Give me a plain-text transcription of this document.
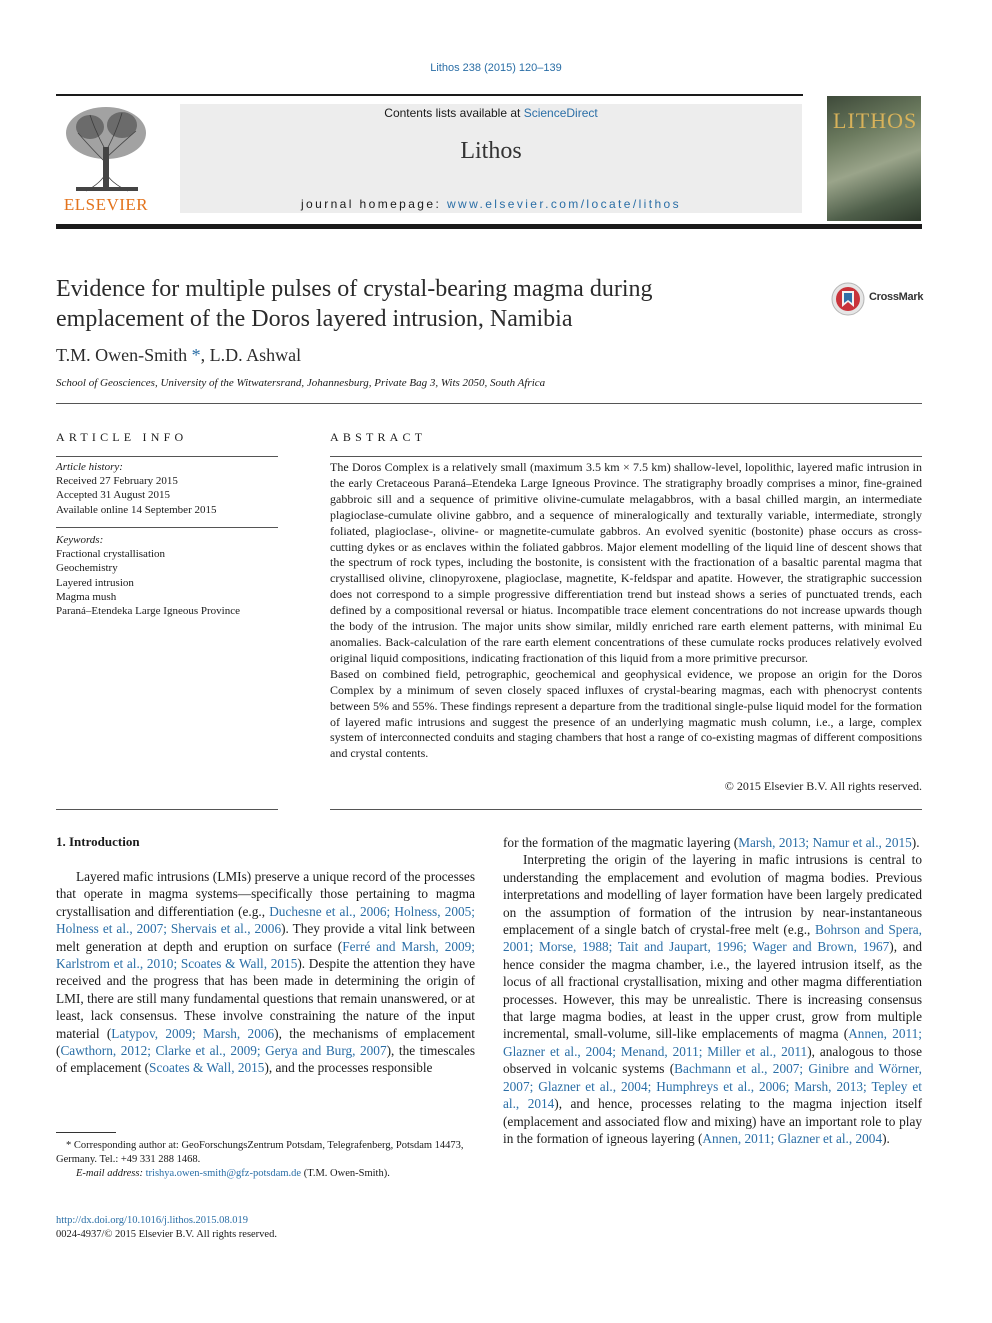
Lithos 238 (2015) 120–139
ELSEVIER
Contents lists available at ScienceDirect
Lithos
journal homepage: www.elsevier.com/locate/lithos
LITHOS
Evidence for multiple pulses of crystal-bearing magma during emplacement of the Doros layered intrusion, Namibia
CrossMark
T.M. Owen-Smith *, L.D. Ashwal
School of Geosciences, University of the Witwatersrand, Johannesburg, Private Bag 3, Wits 2050, South Africa
ARTICLE INFO
Article history:
Received 27 February 2015
Accepted 31 August 2015
Available online 14 September 2015
Keywords:
Fractional crystallisation
Geochemistry
Layered intrusion
Magma mush
Paraná–Etendeka Large Igneous Province
ABSTRACT

The Doros Complex is a relatively small (maximum 3.5 km × 7.5 km) shallow-level, lopolithic, layered mafic intrusion in the early Cretaceous Paraná–Etendeka Large Igneous Province. The stratigraphy broadly comprises a minor, fine-grained gabbroic sill and a sequence of primitive olivine-cumulate melagabbros, with a basal chilled margin, an intermediate plagioclase-cumulate olivine gabbro, and a sequence of mineralogically and texturally variable, intermediate, strongly foliated, plagioclase-, olivine- or magnetite-cumulate gabbros. An evolved syenitic (bostonite) phase occurs as cross-cutting dykes or as enclaves within the foliated gabbros. Major element modelling of the liquid line of descent shows that the spectrum of rock types, including the bostonite, is consistent with the fractionation of a basaltic parental magma that crystallised olivine, clinopyroxene, plagioclase, magnetite, K-feldspar and apatite. However, the stratigraphic succession does not correspond to a simple progressive differentiation trend but instead shows a series of punctuated trends, each defined by a compositional reversal or hiatus. Incompatible trace element concentrations do not increase upwards though the body of the intrusion. The major units show similar, mildly enriched rare earth element patterns, with minimal Eu anomalies. Back-calculation of the rare earth element concentrations of these cumulate rocks produces relatively evolved original liquid compositions, indicating fractionation of this liquid from a more primitive precursor.

Based on combined field, petrographic, geochemical and geophysical evidence, we propose an origin for the Doros Complex by a minimum of seven closely spaced influxes of crystal-bearing magmas, each with phenocryst contents between 5% and 55%. These findings represent a departure from the traditional single-pulse liquid model for the formation of layered mafic intrusions and suggest the presence of an underlying magmatic mush column, i.e., a large, complex system of interconnected conduits and staging chambers that host a range of co-existing magmas of different compositions and crystal contents.

© 2015 Elsevier B.V. All rights reserved.
1. Introduction

Layered mafic intrusions (LMIs) preserve a unique record of the processes that operate in magma systems—specifically those pertaining to magma crystallisation and differentiation (e.g., Duchesne et al., 2006; Holness, 2005; Holness et al., 2007; Shervais et al., 2006). They provide a vital link between melt generation at depth and eruption on surface (Ferré and Marsh, 2009; Karlstrom et al., 2010; Scoates & Wall, 2015). Despite the attention they have received and the progress that has been made in determining the origin of LMI, there are still many fundamental questions that remain unanswered, or at least, lack consensus. These involve constraining the nature of the input material (Latypov, 2009; Marsh, 2006), the mechanisms of emplacement (Cawthorn, 2012; Clarke et al., 2009; Gerya and Burg, 2007), the timescales of emplacement (Scoates & Wall, 2015), and the processes responsible

for the formation of the magmatic layering (Marsh, 2013; Namur et al., 2015).

Interpreting the origin of the layering in mafic intrusions is central to understanding the emplacement and evolution of magma bodies. Previous interpretations and modelling of layer formation have been largely predicated on the assumption of formation of the intrusion by near-instantaneous emplacement of a single batch of crystal-free melt (e.g., Bohrson and Spera, 2001; Morse, 1988; Tait and Jaupart, 1996; Wager and Brown, 1967), and hence consider the magma chamber, i.e., the layered intrusion itself, as the locus of all fractional crystallisation, mixing and other magma differentiation processes. However, this may be unrealistic. There is increasing consensus that large magma bodies, at least in the upper crust, grow from multiple incremental, small-volume, sill-like emplacements of magma (Annen, 2011; Glazner et al., 2004; Menand, 2011; Miller et al., 2011), analogous to those observed in volcanic systems (Bachmann et al., 2007; Ginibre and Wörner, 2007; Glazner et al., 2004; Humphreys et al., 2006; Marsh, 2013; Tepley et al., 2014), and hence, processes relating to the magma injection itself (emplacement and associated flow and mixing) have an important role to play in the formation of igneous layering (Annen, 2011; Glazner et al., 2004).

* Corresponding author at: GeoForschungsZentrum Potsdam, Telegrafenberg, Potsdam 14473, Germany. Tel.: +49 331 288 1468.
E-mail address: trishya.owen-smith@gfz-potsdam.de (T.M. Owen-Smith).
http://dx.doi.org/10.1016/j.lithos.2015.08.019
0024-4937/© 2015 Elsevier B.V. All rights reserved.
